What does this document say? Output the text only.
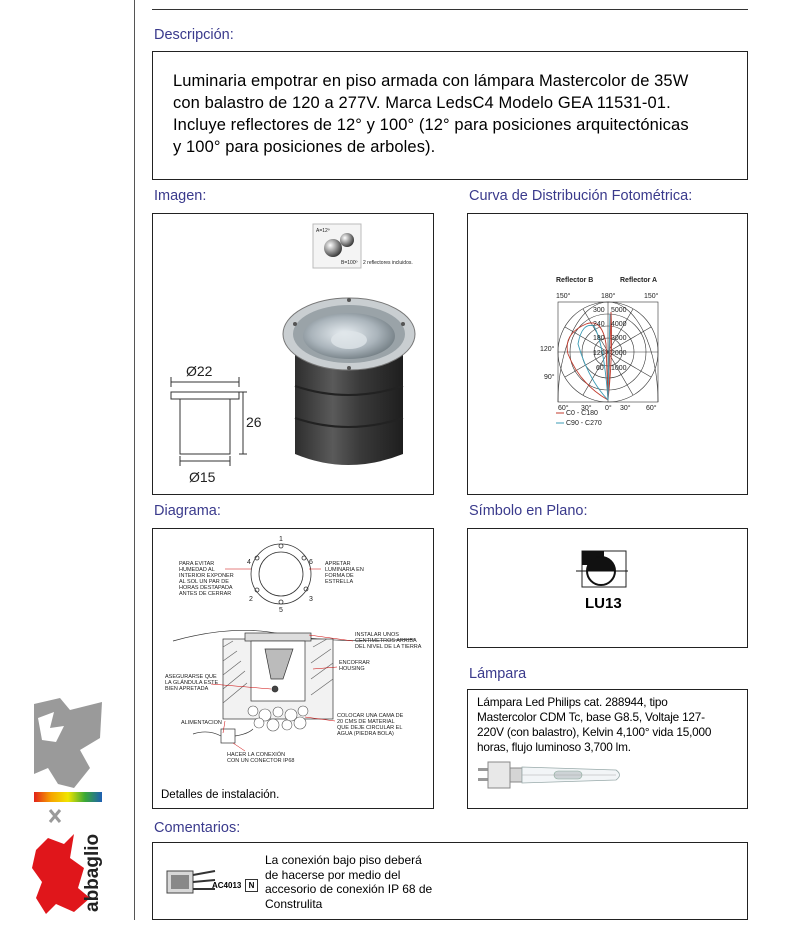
Descripción:
Luminaria empotrar en piso armada con lámpara Mastercolor de 35W
con balastro de 120 a 277V. Marca LedsC4 Modelo GEA 11531-01.
Incluye reflectores de 12° y 100° (12° para posiciones arquitectónicas
y 100° para posiciones de arboles).
Imagen:
A=12º
B=100º 2 reflectores incluidos.
Ø22
26
Ø15
Curva de Distribución Fotométrica:
Reflector B	Reflector A
150°	180°	150°
120°
90°
60° 30° 0° 30° 60°
300
240
180
120
60
5000
4000
3000
2000
1000
C0 - C180
C90 - C270
Diagrama:
1
6
3
5
2
4
PARA EVITAR
HUMEDAD AL
INTERIOR EXPONER
AL SOL UN PAR DE
HORAS DESTAPADA
ANTES DE CERRAR
APRETAR
LUMINARIA EN
FORMA DE
ESTRELLA
INSTALAR UNOS
CENTIMETROS ARRIBA
DEL NIVEL DE LA TIERRA
ENCOFRAR
HOUSING
ASEGURARSE QUE
LA GLÁNDULA ESTE
BIEN APRETADA
COLOCAR UNA CAMA DE
20 CMS DE MATERIAL
QUE DEJE CIRCULAR EL
AGUA (PIEDRA BOLA)
ALIMENTACION
HACER LA CONEXIÓN
CON UN CONECTOR IP68
Detalles de instalación.
Símbolo en Plano:
LU13
Lámpara
Lámpara Led Philips cat. 288944, tipo
Mastercolor CDM Tc, base G8.5, Voltaje 127-
220V (con balastro), Kelvin 4,100° vida 15,000
horas, flujo luminoso 3,700 lm.
Comentarios:
AC4013 N
La conexión bajo piso deberá
de hacerse por medio del
accesorio de conexión IP 68 de
Construlita
abbaglio
